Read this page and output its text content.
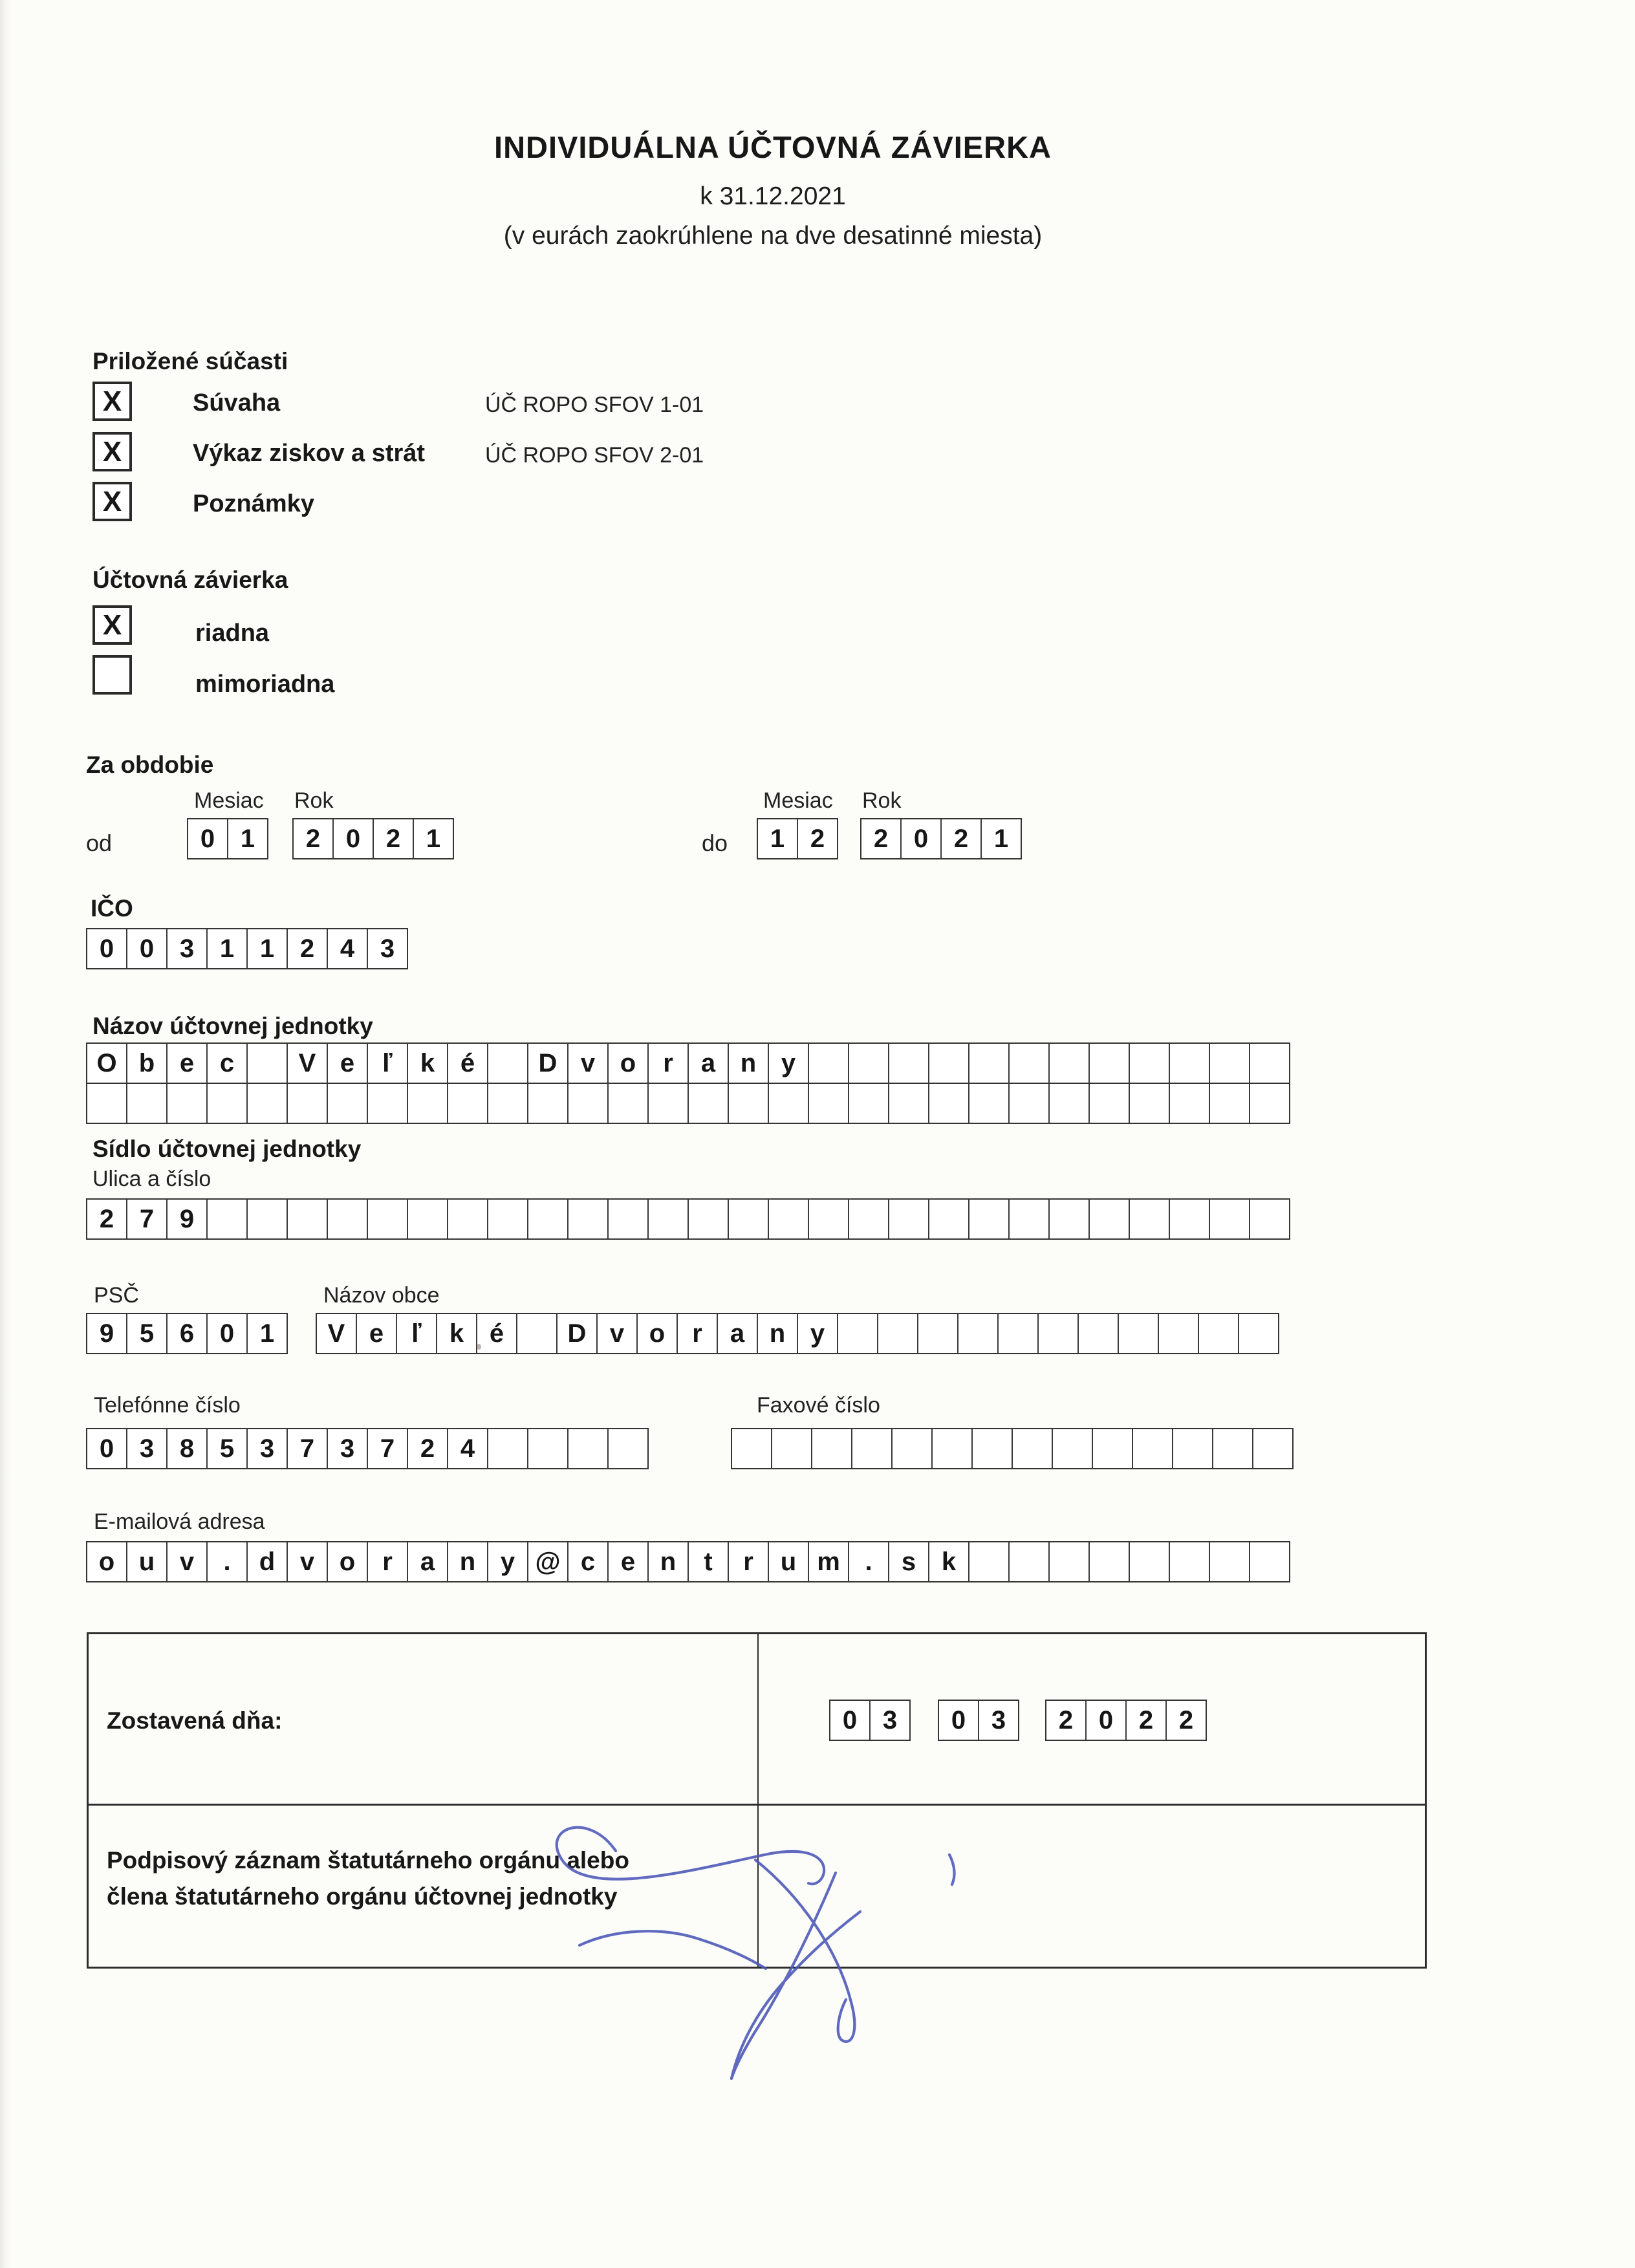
INDIVIDUÁLNA ÚČTOVNÁ ZÁVIERKA
k 31.12.2021
(v eurách zaokrúhlene na dve desatinné miesta)
Priložené súčasti
X	Súvaha	ÚČ ROPO SFOV 1-01
X	Výkaz ziskov a strát	ÚČ ROPO SFOV 2-01
X	Poznámky
Účtovná závierka
X	riadna
mimoriadna
Za obdobie
Mesiac Rok
od	0 1	2 0 2 1
Mesiac Rok
do	1 2	2 0 2 1
IČO
0 0 3 1 1 2 4 3
Názov účtovnej jednotky
O b e c	V e	ľ	k é	D v o	r	a n y
Sídlo účtovnej jednotky
Ulica a číslo
2 7 9
PSČ	Názov obce
9 5 6 0 1	V e	ľ	k é	D v o	r	a n y
Telefónne číslo	Faxové číslo
0 3 8 5 3 7 3 7 2 4
E-mailová adresa
o u v	.	d v o	r	a n y @ c e n	t	r	u m .	s k
Zostavená dňa:	0 3	0 3	2 0 2 2
Podpisový záznam štatutárneho orgánu alebo
člena štatutárneho orgánu účtovnej jednotky
